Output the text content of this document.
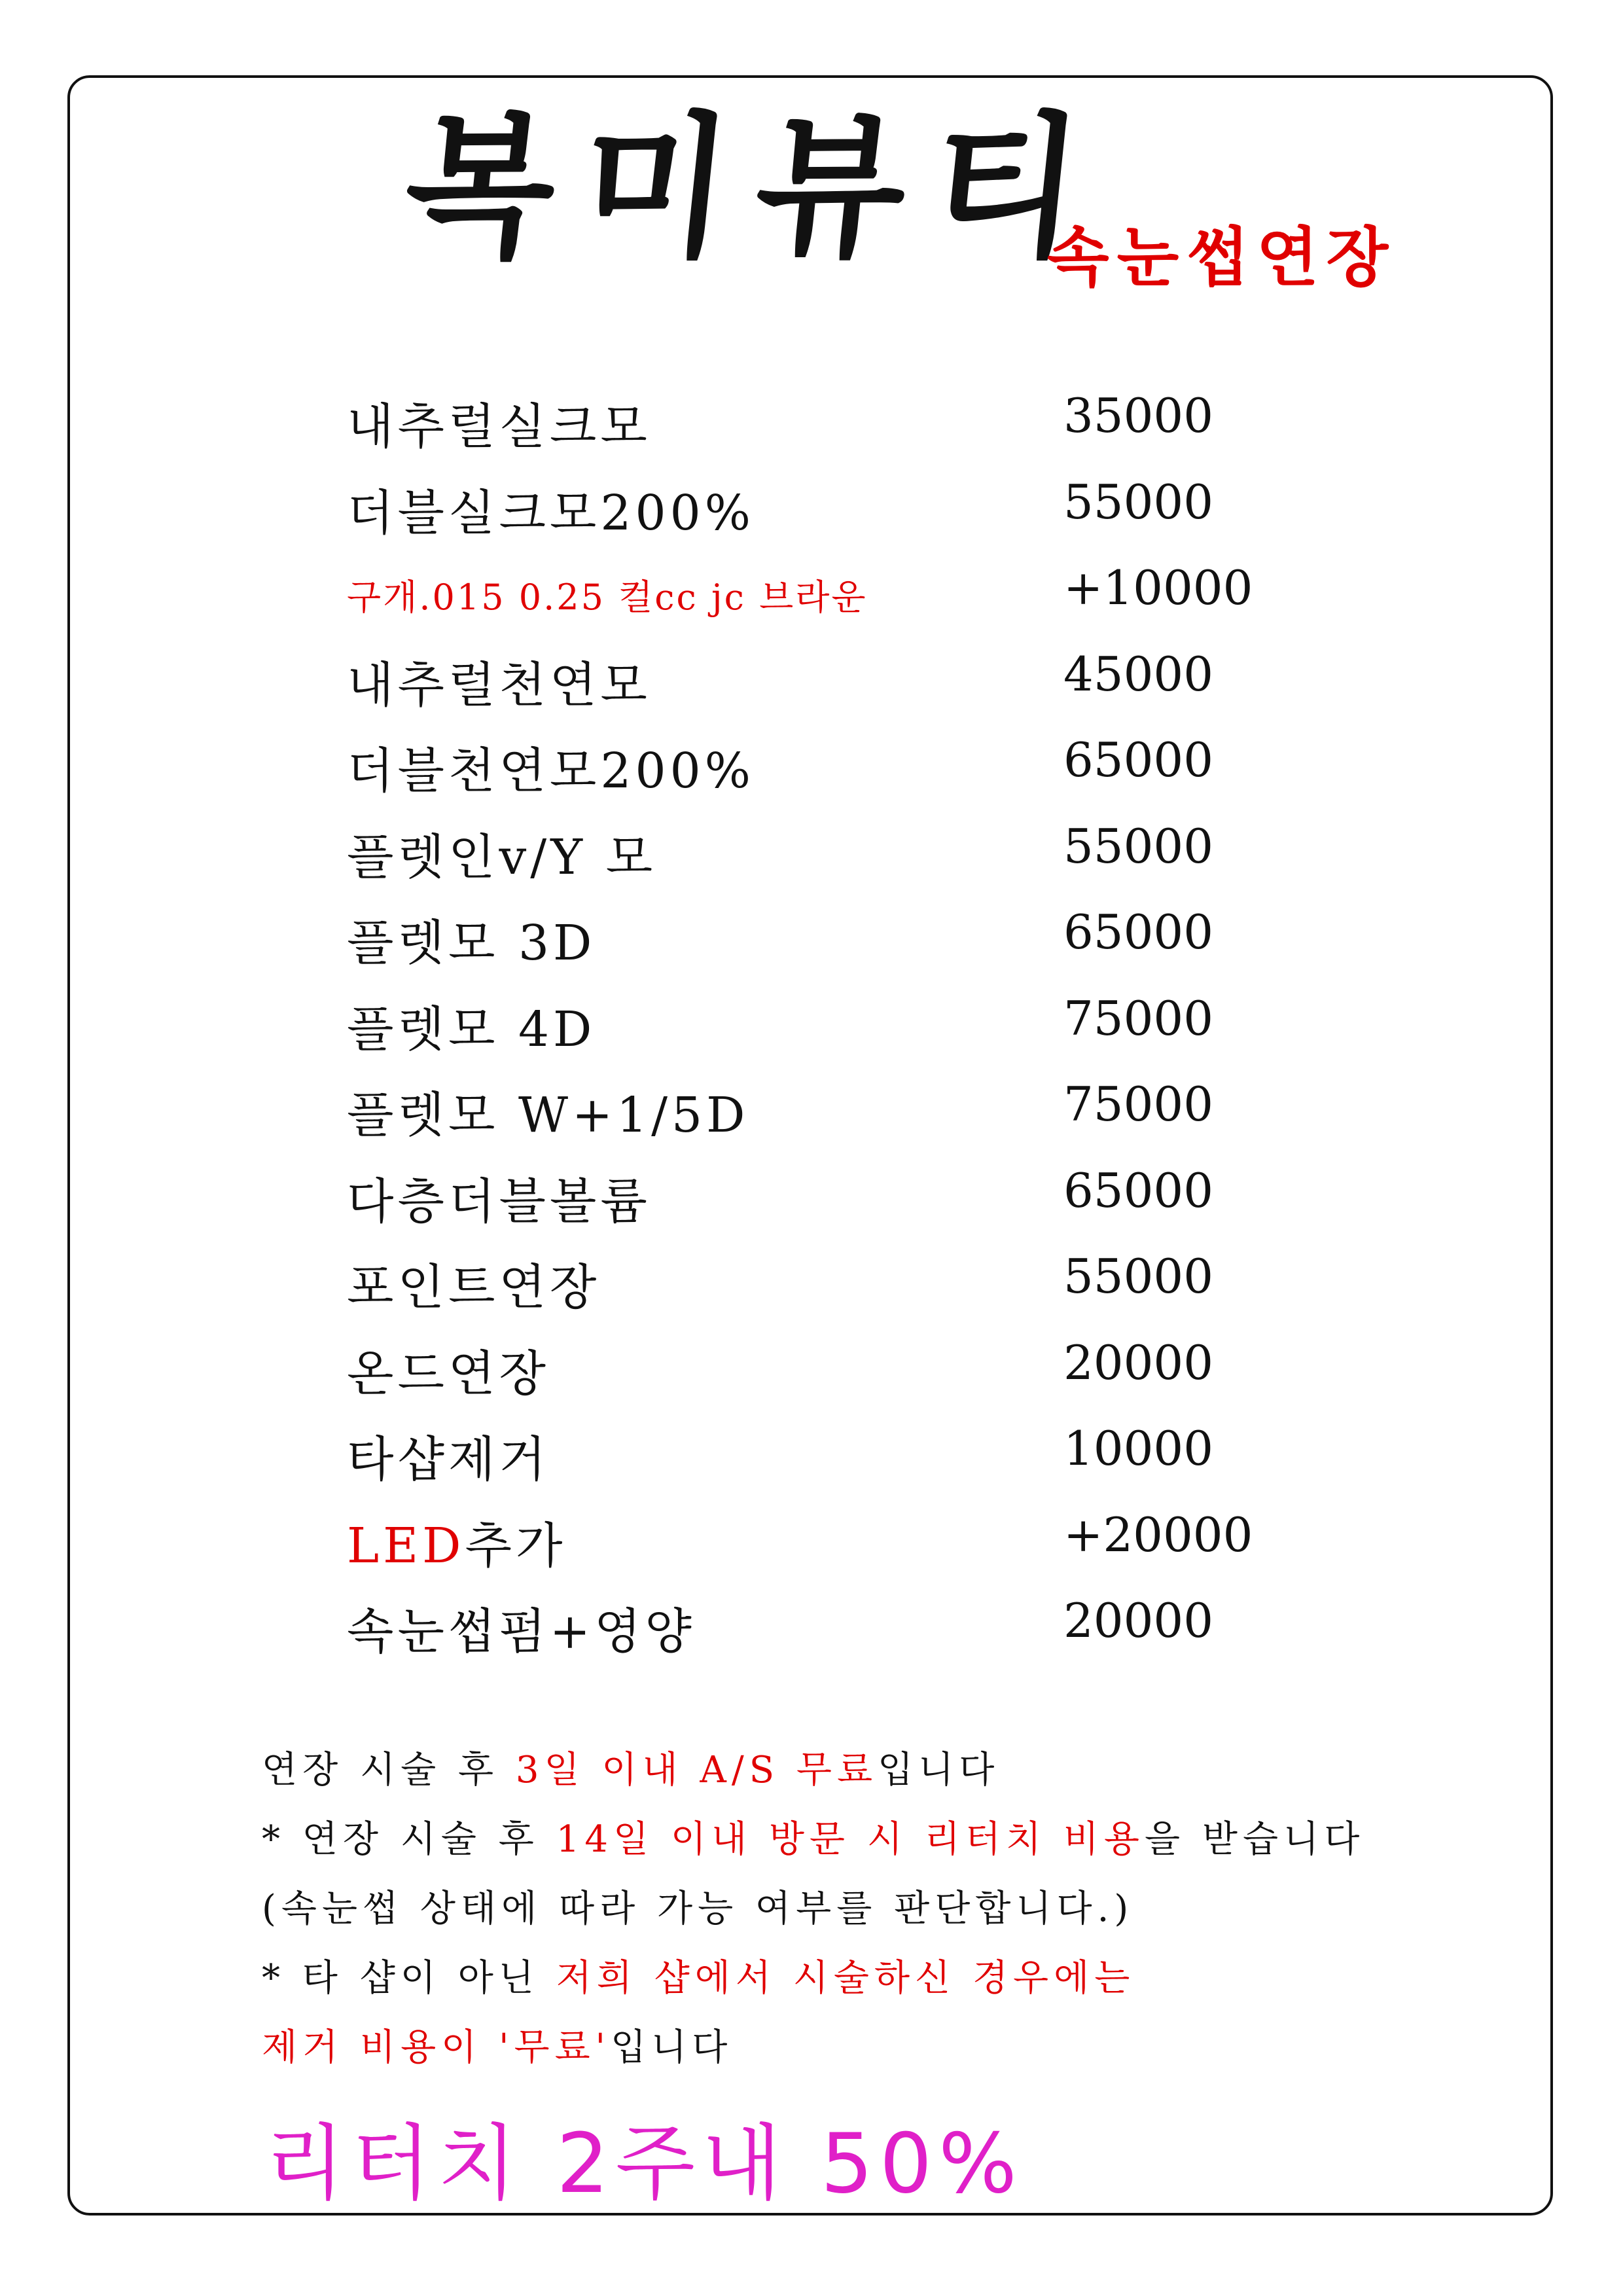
복미뷰티
속눈썹연장
내추럴실크모	35000
더블실크모200%	55000
구개.015 0.25 컬cc jc 브라운	+10000
내추럴천연모	45000
더블천연모200%	65000
플렛인v/Y 모	55000
플렛모 3D	65000
플렛모 4D	75000
플렛모 W+1/5D	75000
다층더블볼륨	65000
포인트연장	55000
온드연장	20000
타샵제거	10000
LED추가	+20000
속눈썹펌+영양	20000
연장 시술 후 3일 이내 A/S 무료입니다
* 연장 시술 후 14일 이내 방문 시 리터치 비용을 받습니다
(속눈썹 상태에 따라 가능 여부를 판단합니다.)
* 타 샵이 아닌 저희 샵에서 시술하신 경우에는
제거 비용이 '무료'입니다
리터치 2주내 50%
